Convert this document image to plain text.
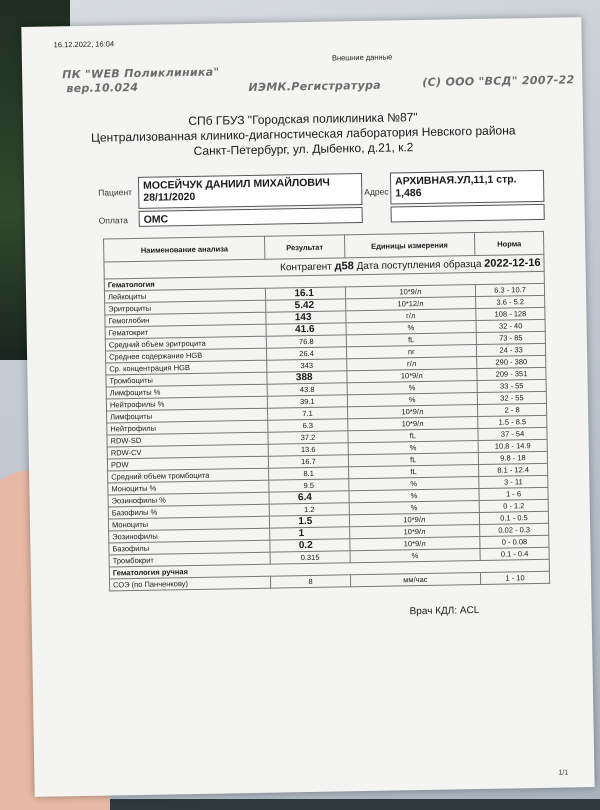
16.12.2022, 16:04
Внешние данные
ПК "WEB Поликлиника"
вер.10.024	ИЭМК.Регистратура	(C) ООО "ВСД" 2007-22
СПб ГБУЗ "Городская поликлиника №87"
Централизованная клинико-диагностическая лаборатория Невского района
Санкт-Петербург, ул. Дыбенко, д.21, к.2
Пациент
МОСЕЙЧУК ДАНИИЛ МИХАЙЛОВИЧ 28/11/2020	Адрес
АРХИВНАЯ.УЛ,11,1 стр. 1,486
Оплата	ОМС
Наименование анализа	Результат	Единицы измерения	Норма
Контрагент д58 Дата поступления образца 2022-12-16			
Гематология			
Лейкоциты	16.1	10*9/л	6.3 - 10.7
Эритроциты	5.42	10*12/л	3.6 - 5.2
Гемоглобин	143	г/л	108 - 128
Гематокрит	41.6	%	32 - 40
Средний объем эритроцита	76.8	fL	73 - 85
Среднее содержание HGB	26.4	пг	24 - 33
Ср. концентрация HGB	343	г/л	290 - 380
Тромбоциты	388	10*9/л	209 - 351
Лимфоциты %	43.8	%	33 - 55
Нейтрофилы %	39.1	%	32 - 55
Лимфоциты	7.1	10*9/л	2 - 8
Нейтрофилы	6.3	10*9/л	1.5 - 8.5
RDW-SD	37.2	fL	37 - 54
RDW-CV	13.6	%	10.8 - 14.9
PDW	16.7	fL	9.8 - 18
Средний объем тромбоцита	8.1	fL	8.1 - 12.4
Моноциты %	9.5	%	3 - 11
Эозинофилы %	6.4	%	1 - 6
Базофилы %	1.2	%	0 - 1.2
Моноциты	1.5	10*9/л	0.1 - 0.5
Эозинофилы	1	10*9/л	0.02 - 0.3
Базофилы	0.2	10*9/л	0 - 0.08
Тромбокрит	0.315	%	0.1 - 0.4
Гематология ручная			
СОЭ (по Панченкову)	8	мм/час	1 - 10
Врач КДЛ: ACL
1/1
